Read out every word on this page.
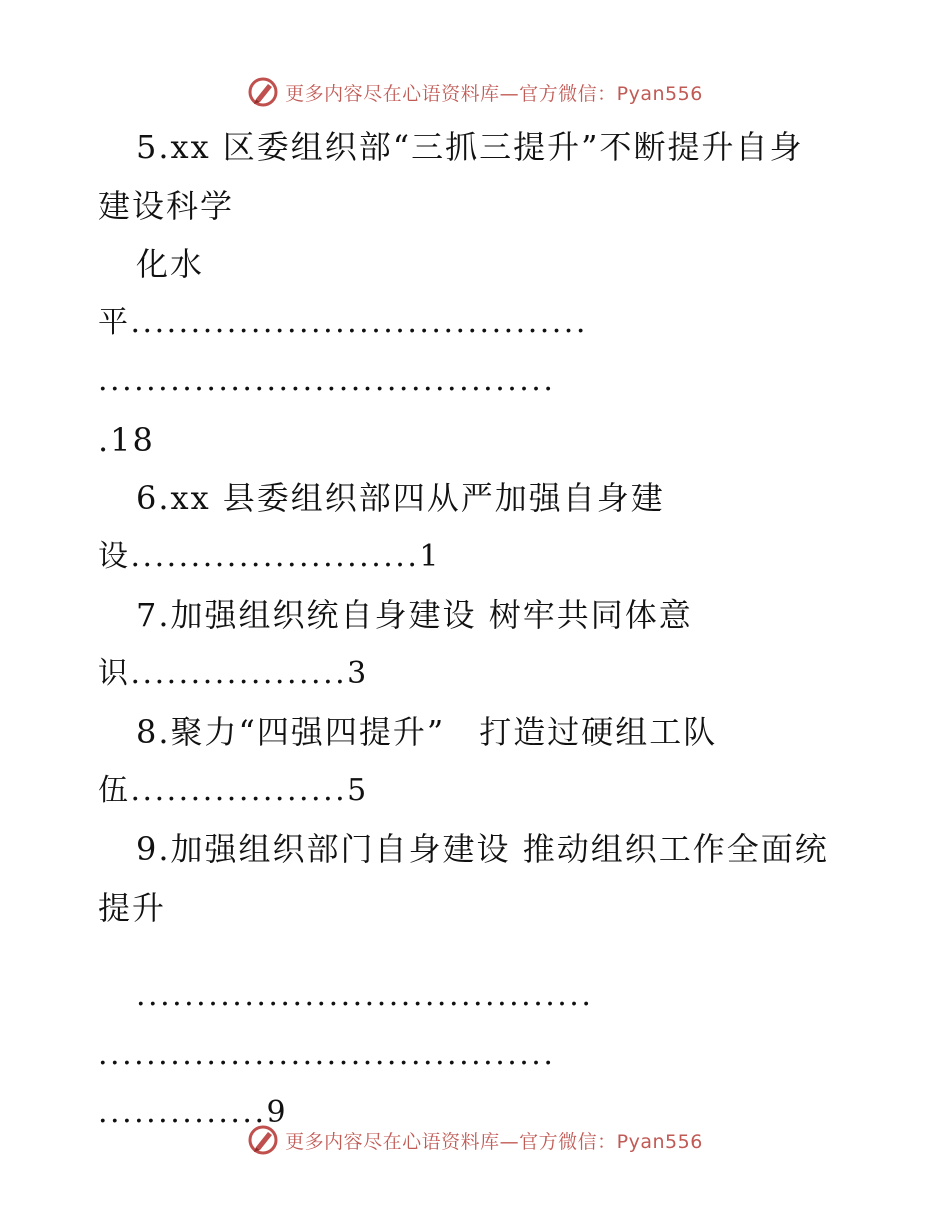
更多内容尽在心语资料库—官方微信：Pyan556
5.xx 区委组织部“三抓三提升”不断提升自身
建设科学
化水
平......................................
......................................
.18
6.xx 县委组织部四从严加强自身建
设........................1
7.加强组织统自身建设 树牢共同体意
识..................3
8.聚力“四强四提升”　打造过硬组工队
伍..................5
9.加强组织部门自身建设 推动组织工作全面统
提升
......................................
......................................
..............9
更多内容尽在心语资料库—官方微信：Pyan556
